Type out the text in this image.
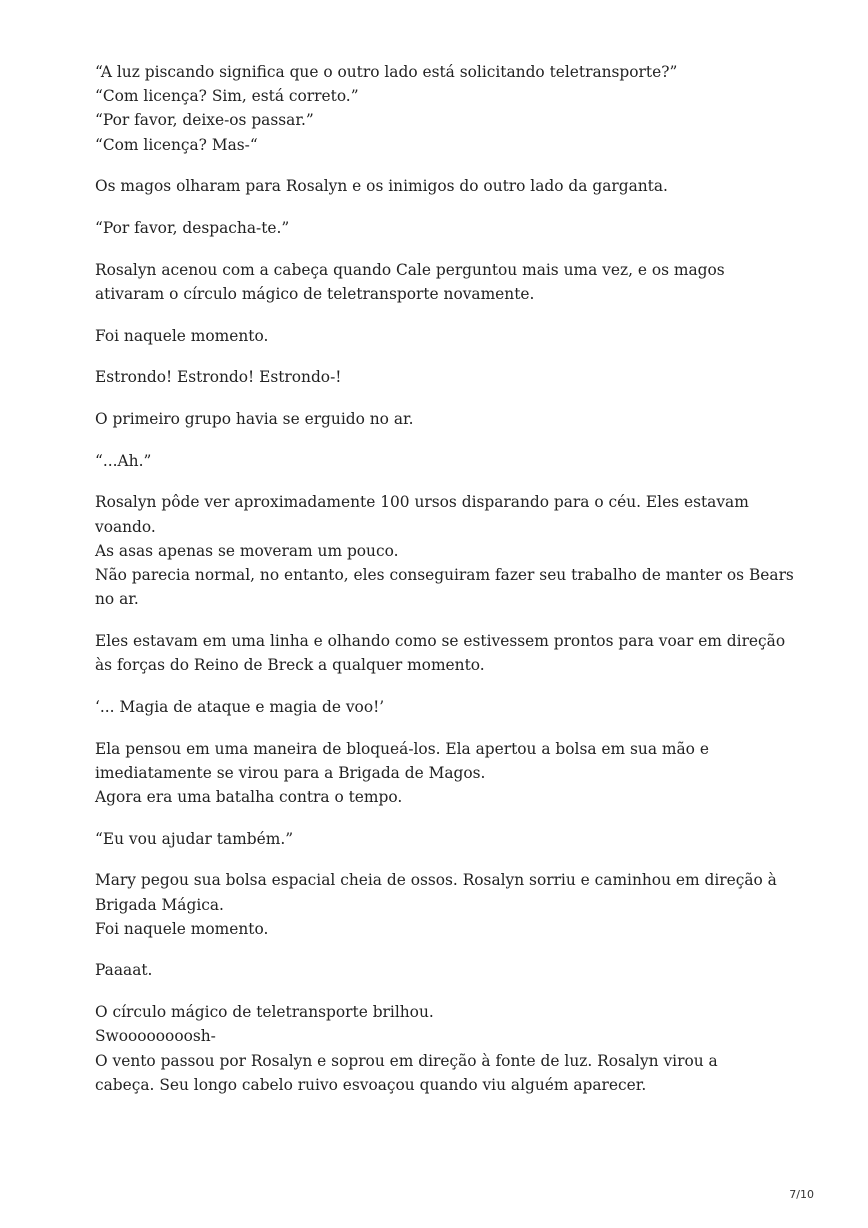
“A luz piscando significa que o outro lado está solicitando teletransporte?”
“Com licença? Sim, está correto.”
“Por favor, deixe-os passar.”
“Com licença? Mas-“

Os magos olharam para Rosalyn e os inimigos do outro lado da garganta.

“Por favor, despacha-te.”

Rosalyn acenou com a cabeça quando Cale perguntou mais uma vez, e os magos
ativaram o círculo mágico de teletransporte novamente.

Foi naquele momento.

Estrondo! Estrondo! Estrondo-!

O primeiro grupo havia se erguido no ar.

“...Ah.”

Rosalyn pôde ver aproximadamente 100 ursos disparando para o céu. Eles estavam
voando.
As asas apenas se moveram um pouco.
Não parecia normal, no entanto, eles conseguiram fazer seu trabalho de manter os Bears
no ar.

Eles estavam em uma linha e olhando como se estivessem prontos para voar em direção
às forças do Reino de Breck a qualquer momento.

‘... Magia de ataque e magia de voo!’

Ela pensou em uma maneira de bloqueá-los. Ela apertou a bolsa em sua mão e
imediatamente se virou para a Brigada de Magos.
Agora era uma batalha contra o tempo.

“Eu vou ajudar também.”

Mary pegou sua bolsa espacial cheia de ossos. Rosalyn sorriu e caminhou em direção à
Brigada Mágica.
Foi naquele momento.

Paaaat.

O círculo mágico de teletransporte brilhou.
Swoooooooosh-
O vento passou por Rosalyn e soprou em direção à fonte de luz. Rosalyn virou a
cabeça. Seu longo cabelo ruivo esvoaçou quando viu alguém aparecer.

7/10
